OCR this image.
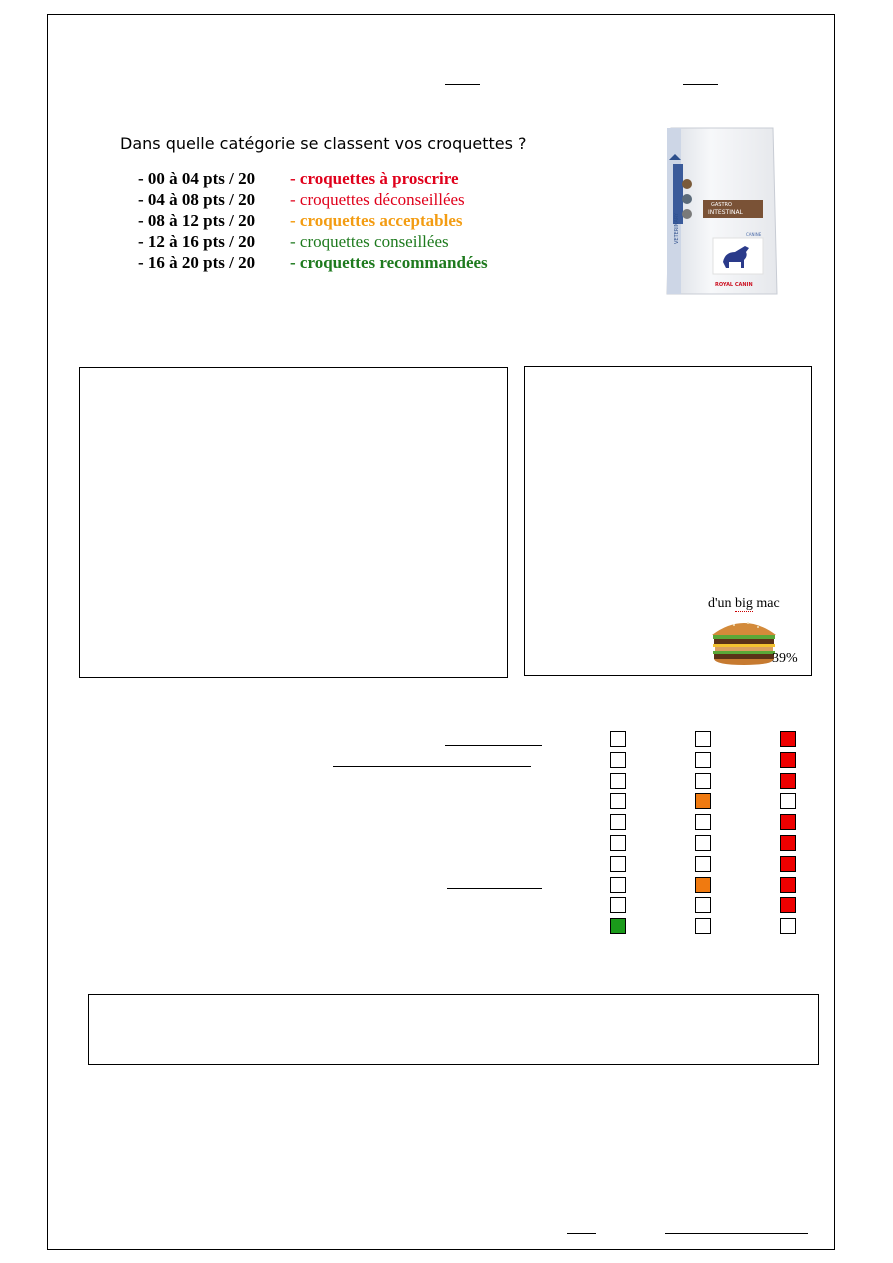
Dans quelle catégorie se classent vos croquettes ?
- 00 à 04 pts / 20 - croquettes à proscrire
- 04 à 08 pts / 20 - croquettes déconseillées
- 08 à 12 pts / 20 - croquettes acceptables
- 12 à 16 pts / 20 - croquettes conseillées
- 16 à 20 pts / 20 - croquettes recommandées
GASTRO
INTESTINAL
CANINE
ROYAL CANIN
VETERINARY
d'un big mac
39%
